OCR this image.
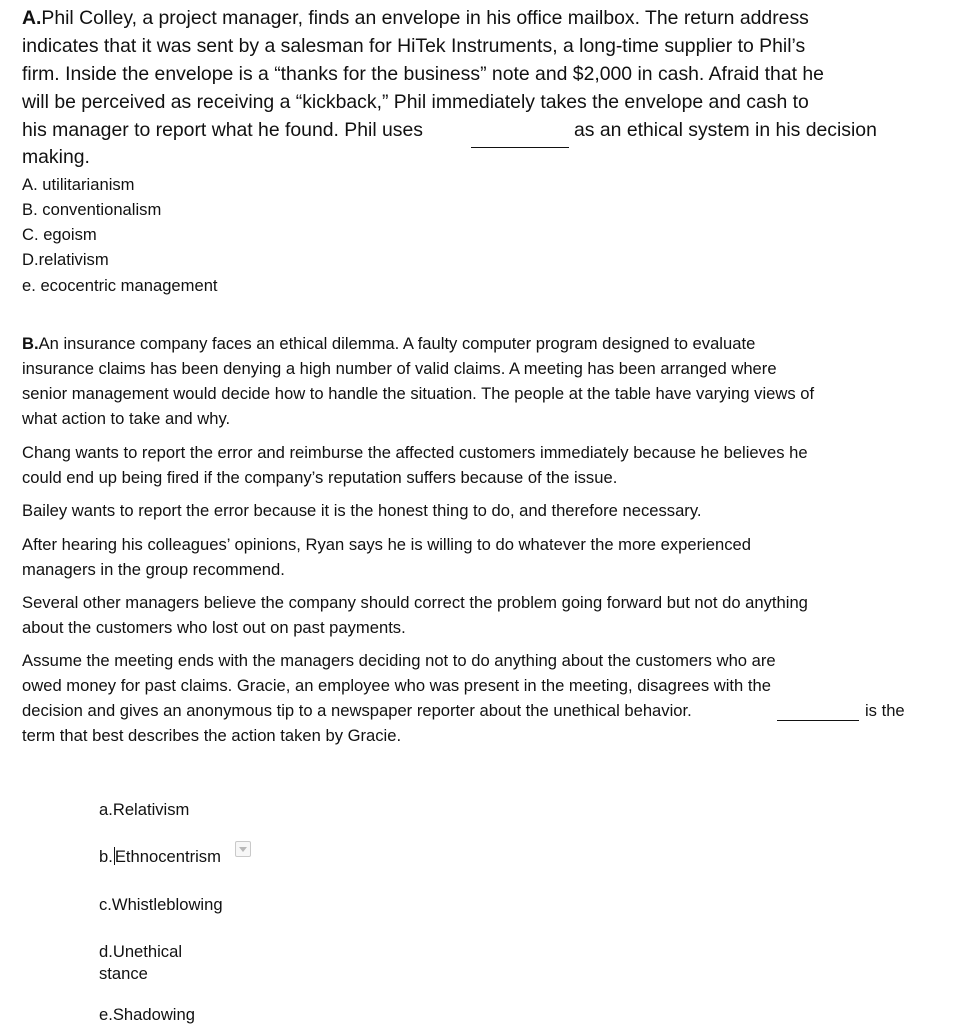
A.Phil Colley, a project manager, finds an envelope in his office mailbox. The return address
indicates that it was sent by a salesman for HiTek Instruments, a long-time supplier to Phil’s
firm. Inside the envelope is a “thanks for the business” note and $2,000 in cash. Afraid that he
will be perceived as receiving a “kickback,” Phil immediately takes the envelope and cash to
his manager to report what he found. Phil uses	as an ethical system in his decision
making.
A. utilitarianism
B. conventionalism
C. egoism
D.relativism
e. ecocentric management
B.An insurance company faces an ethical dilemma. A faulty computer program designed to evaluate
insurance claims has been denying a high number of valid claims. A meeting has been arranged where
senior management would decide how to handle the situation. The people at the table have varying views of
what action to take and why.
Chang wants to report the error and reimburse the affected customers immediately because he believes he
could end up being fired if the company’s reputation suffers because of the issue.
Bailey wants to report the error because it is the honest thing to do, and therefore necessary.
After hearing his colleagues’ opinions, Ryan says he is willing to do whatever the more experienced
managers in the group recommend.
Several other managers believe the company should correct the problem going forward but not do anything
about the customers who lost out on past payments.
Assume the meeting ends with the managers deciding not to do anything about the customers who are
owed money for past claims. Gracie, an employee who was present in the meeting, disagrees with the
decision and gives an anonymous tip to a newspaper reporter about the unethical behavior.	is the
term that best describes the action taken by Gracie.
a.Relativism
b. Ethnocentrism
c.Whistleblowing
d.Unethical stance
e.Shadowing
